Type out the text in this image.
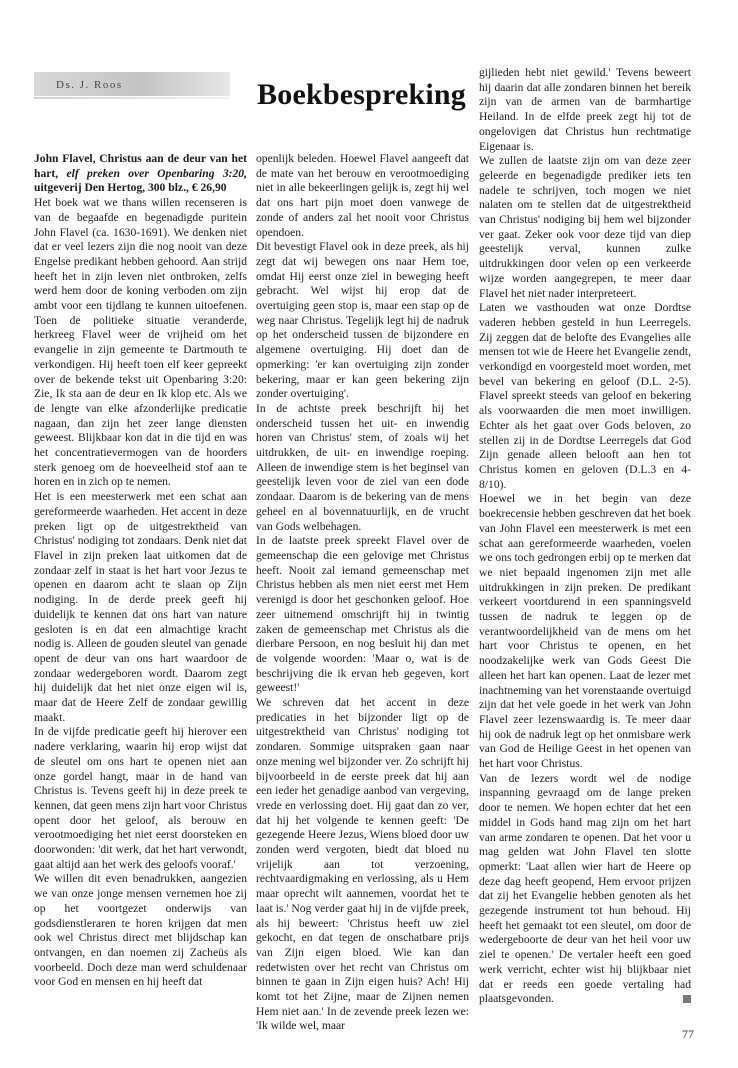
Ds. J. Roos	Boekbespreking

John Flavel, Christus aan de deur van het hart, elf preken over Openbaring 3:20, uitgeverij Den Hertog, 300 blz., € 26,90

Het boek wat we thans willen recenseren is van de begaafde en begenadigde puritein John Flavel (ca. 1630-1691). We denken niet dat er veel lezers zijn die nog nooit van deze Engelse predikant hebben gehoord. Aan strijd heeft het in zijn leven niet ontbroken, zelfs werd hem door de koning verboden om zijn ambt voor een tijdlang te kunnen uitoefenen. Toen de politieke situatie veranderde, herkreeg Flavel weer de vrijheid om het evangelie in zijn gemeente te Dartmouth te verkondigen. Hij heeft toen elf keer gepreekt over de bekende tekst uit Openbaring 3:20: Zie, Ik sta aan de deur en Ik klop etc. Als we de lengte van elke afzonderlijke predicatie nagaan, dan zijn het zeer lange diensten geweest. Blijkbaar kon dat in die tijd en was het concentratievermogen van de hoorders sterk genoeg om de hoeveelheid stof aan te horen en in zich op te nemen.

Het is een meesterwerk met een schat aan gereformeerde waarheden. Het accent in deze preken ligt op de uitgestrektheid van Christus' nodiging tot zondaars. Denk niet dat Flavel in zijn preken laat uitkomen dat de zondaar zelf in staat is het hart voor Jezus te openen en daarom acht te slaan op Zijn nodiging. In de derde preek geeft hij duidelijk te kennen dat ons hart van nature gesloten is en dat een almachtige kracht nodig is. Alleen de gouden sleutel van genade opent de deur van ons hart waardoor de zondaar wedergeboren wordt. Daarom zegt hij duidelijk dat het niet onze eigen wil is, maar dat de Heere Zelf de zondaar gewillig maakt.

In de vijfde predicatie geeft hij hierover een nadere verklaring, waarin hij erop wijst dat de sleutel om ons hart te openen niet aan onze gordel hangt, maar in de hand van Christus is. Tevens geeft hij in deze preek te kennen, dat geen mens zijn hart voor Christus opent door het geloof, als berouw en verootmoediging het niet eerst doorsteken en doorwonden: 'dit werk, dat het hart verwondt, gaat altijd aan het werk des geloofs vooraf.'

We willen dit even benadrukken, aangezien we van onze jonge mensen vernemen hoe zij op het voortgezet onderwijs van godsdienstleraren te horen krijgen dat men ook wel Christus direct met blijdschap kan ontvangen, en dan noemen zij Zacheüs als voorbeeld. Doch deze man werd schuldenaar voor God en mensen en hij heeft dat

openlijk beleden. Hoewel Flavel aangeeft dat de mate van het berouw en verootmoediging niet in alle bekeerlingen gelijk is, zegt hij wel dat ons hart pijn moet doen vanwege de zonde of anders zal het nooit voor Christus opendoen.

Dit bevestigt Flavel ook in deze preek, als hij zegt dat wij bewegen ons naar Hem toe, omdat Hij eerst onze ziel in beweging heeft gebracht. Wel wijst hij erop dat de overtuiging geen stop is, maar een stap op de weg naar Christus. Tegelijk legt hij de nadruk op het onderscheid tussen de bijzondere en algemene overtuiging. Hij doet dan de opmerking: 'er kan overtuiging zijn zonder bekering, maar er kan geen bekering zijn zonder overtuiging'.

In de achtste preek beschrijft hij het onderscheid tussen het uit- en inwendig horen van Christus' stem, of zoals wij het uitdrukken, de uit- en inwendige roeping. Alleen de inwendige stem is het beginsel van geestelijk leven voor de ziel van een dode zondaar. Daarom is de bekering van de mens geheel en al bovennatuurlijk, en de vrucht van Gods welbehagen.

In de laatste preek spreekt Flavel over de gemeenschap die een gelovige met Christus heeft. Nooit zal iemand gemeenschap met Christus hebben als men niet eerst met Hem verenigd is door het geschonken geloof. Hoe zeer uitnemend omschrijft hij in twintig zaken de gemeenschap met Christus als die dierbare Persoon, en nog besluit hij dan met de volgende woorden: 'Maar o, wat is de beschrijving die ik ervan heb gegeven, kort geweest!'

We schreven dat het accent in deze predicaties in het bijzonder ligt op de uitgestrektheid van Christus' nodiging tot zondaren. Sommige uitspraken gaan naar onze mening wel bijzonder ver. Zo schrijft hij bijvoorbeeld in de eerste preek dat hij aan een ieder het genadige aanbod van vergeving, vrede en verlossing doet. Hij gaat dan zo ver, dat hij het volgende te kennen geeft: 'De gezegende Heere Jezus, Wiens bloed door uw zonden werd vergoten, biedt dat bloed nu vrijelijk aan tot verzoening, rechtvaardigmaking en verlossing, als u Hem maar oprecht wilt aannemen, voordat het te laat is.' Nog verder gaat hij in de vijfde preek, als hij beweert: 'Christus heeft uw ziel gekocht, en dat tegen de onschatbare prijs van Zijn eigen bloed. Wie kan dan redetwisten over het recht van Christus om binnen te gaan in Zijn eigen huis? Ach! Hij komt tot het Zijne, maar de Zijnen nemen Hem niet aan.' In de zevende preek lezen we: 'Ik wilde wel, maar

gijlieden hebt niet gewild.' Tevens beweert hij daarin dat alle zondaren binnen het bereik zijn van de armen van de barmhartige Heiland. In de elfde preek zegt hij tot de ongelovigen dat Christus hun rechtmatige Eigenaar is.

We zullen de laatste zijn om van deze zeer geleerde en begenadigde prediker iets ten nadele te schrijven, toch mogen we niet nalaten om te stellen dat de uitgestrektheid van Christus' nodiging bij hem wel bijzonder ver gaat. Zeker ook voor deze tijd van diep geestelijk verval, kunnen zulke uitdrukkingen door velen op een verkeerde wijze worden aangegrepen, te meer daar Flavel het niet nader interpreteert.

Laten we vasthouden wat onze Dordtse vaderen hebben gesteld in hun Leerregels. Zij zeggen dat de belofte des Evangelies alle mensen tot wie de Heere het Evangelie zendt, verkondigd en voorgesteld moet worden, met bevel van bekering en geloof (D.L. 2-5). Flavel spreekt steeds van geloof en bekering als voorwaarden die men moet inwilligen. Echter als het gaat over Gods beloven, zo stellen zij in de Dordtse Leerregels dat God Zijn genade alleen belooft aan hen tot Christus komen en geloven (D.L.3 en 4-8/10).

Hoewel we in het begin van deze boekrecensie hebben geschreven dat het boek van John Flavel een meesterwerk is met een schat aan gereformeerde waarheden, voelen we ons toch gedrongen erbij op te merken dat we niet bepaald ingenomen zijn met alle uitdrukkingen in zijn preken. De predikant verkeert voortdurend in een spanningsveld tussen de nadruk te leggen op de verantwoordelijkheid van de mens om het hart voor Christus te openen, en het noodzakelijke werk van Gods Geest Die alleen het hart kan openen. Laat de lezer met inachtneming van het vorenstaande overtuigd zijn dat het vele goede in het werk van John Flavel zeer lezenswaardig is. Te meer daar hij ook de nadruk legt op het onmisbare werk van God de Heilige Geest in het openen van het hart voor Christus.

Van de lezers wordt wel de nodige inspanning gevraagd om de lange preken door te nemen. We hopen echter dat het een middel in Gods hand mag zijn om het hart van arme zondaren te openen. Dat het voor u mag gelden wat John Flavel ten slotte opmerkt: 'Laat allen wier hart de Heere op deze dag heeft geopend, Hem ervoor prijzen dat zij het Evangelie hebben genoten als het gezegende instrument tot hun behoud. Hij heeft het gemaakt tot een sleutel, om door de wedergeboorte de deur van het heil voor uw ziel te openen.' De vertaler heeft een goed werk verricht, echter wist hij blijkbaar niet dat er reeds een goede vertaling had plaatsgevonden.

77
